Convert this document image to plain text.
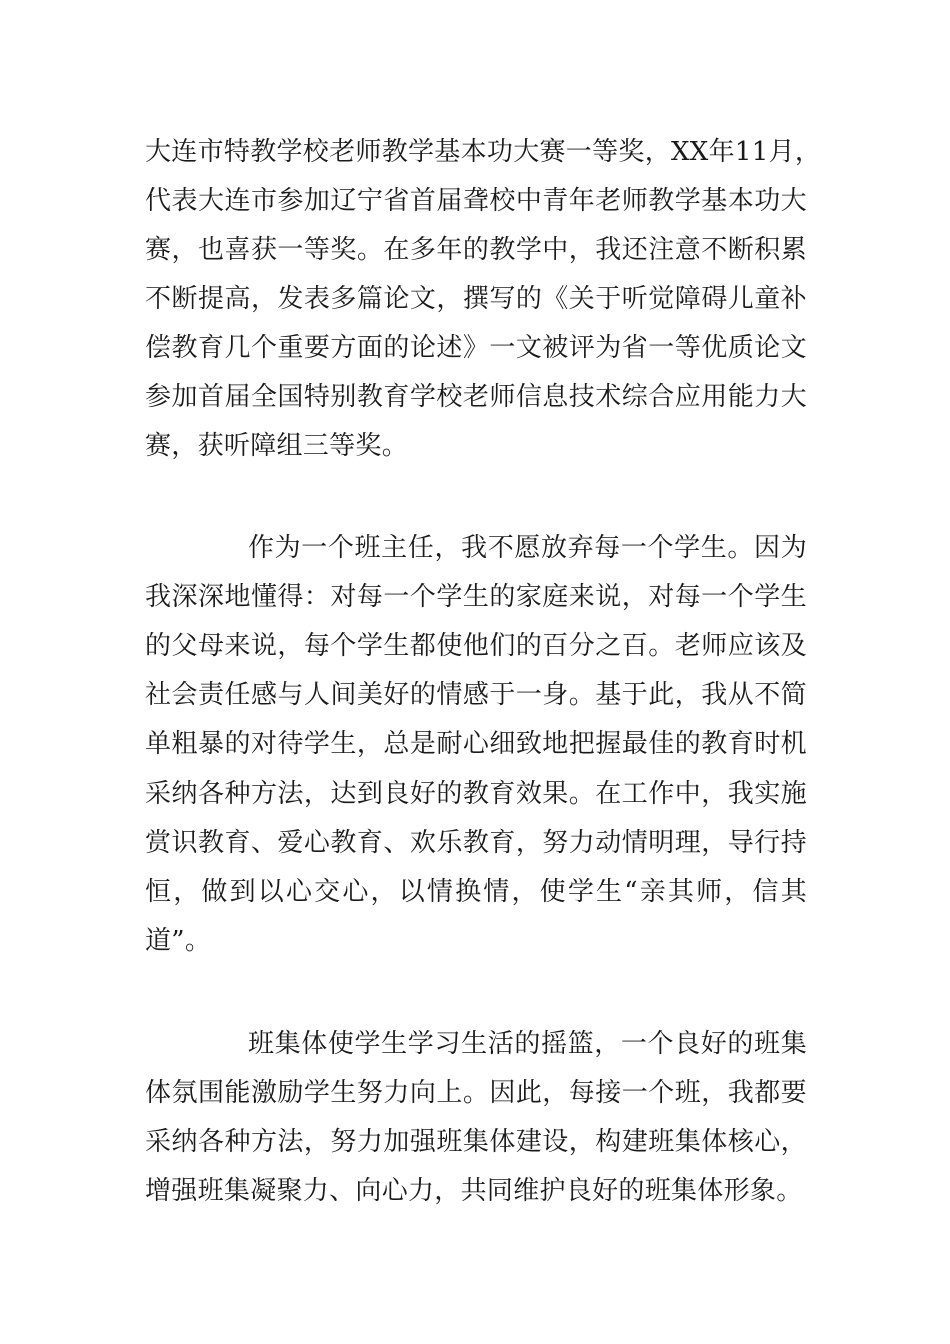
大连市特教学校老师教学基本功大赛一等奖，XX年11月，
代表大连市参加辽宁省首届聋校中青年老师教学基本功大
赛，也喜获一等奖。在多年的教学中，我还注意不断积累
不断提高，发表多篇论文，撰写的《关于听觉障碍儿童补
偿教育几个重要方面的论述》一文被评为省一等优质论文
参加首届全国特别教育学校老师信息技术综合应用能力大
赛，获听障组三等奖。
作为一个班主任，我不愿放弃每一个学生。因为
我深深地懂得：对每一个学生的家庭来说，对每一个学生
的父母来说，每个学生都使他们的百分之百。老师应该及
社会责任感与人间美好的情感于一身。基于此，我从不简
单粗暴的对待学生，总是耐心细致地把握最佳的教育时机
采纳各种方法，达到良好的教育效果。在工作中，我实施
赏识教育、爱心教育、欢乐教育，努力动情明理，导行持
恒，做到以心交心，以情换情，使学生“亲其师，信其
道”。
班集体使学生学习生活的摇篮，一个良好的班集
体氛围能激励学生努力向上。因此，每接一个班，我都要
采纳各种方法，努力加强班集体建设，构建班集体核心，
增强班集凝聚力、向心力，共同维护良好的班集体形象。
